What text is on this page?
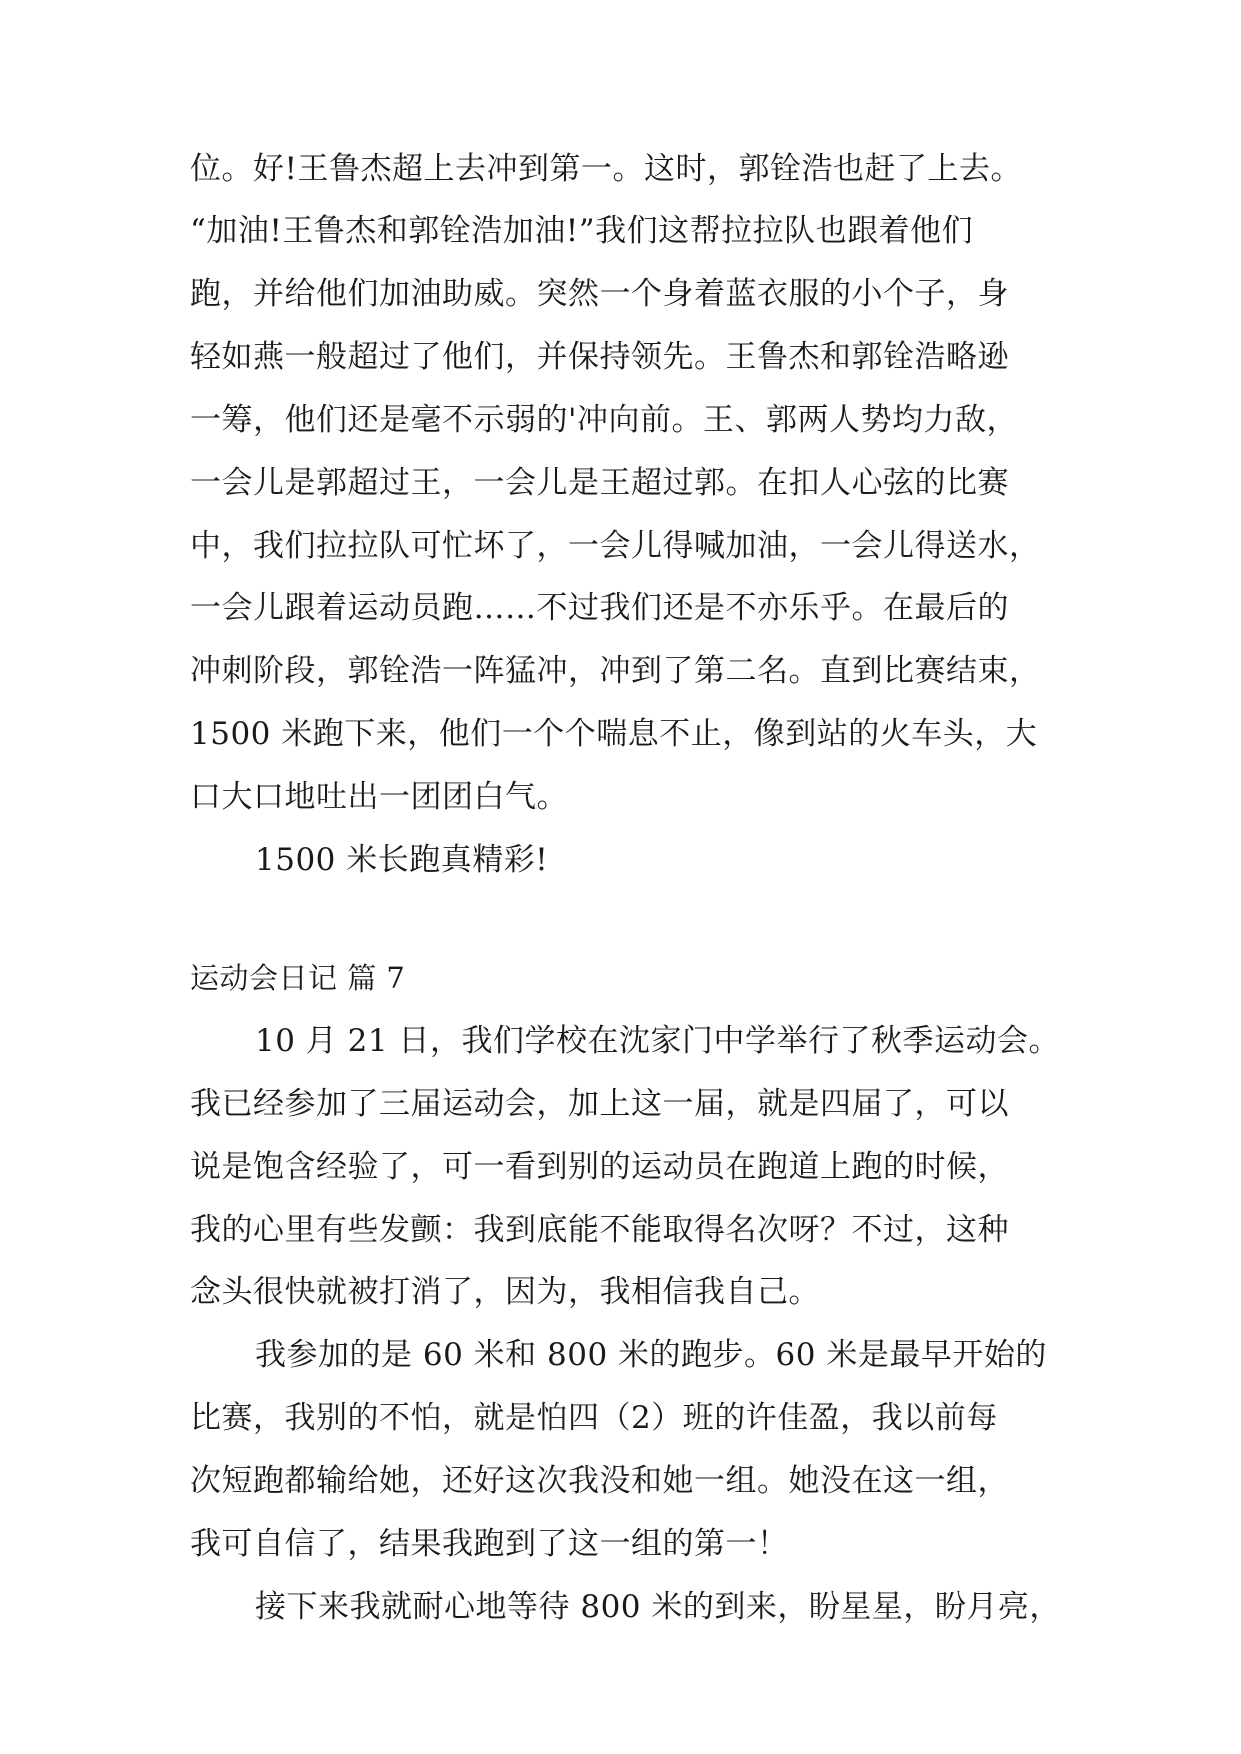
位。好!王鲁杰超上去冲到第一。这时，郭铨浩也赶了上去。
“加油!王鲁杰和郭铨浩加油!”我们这帮拉拉队也跟着他们
跑，并给他们加油助威。突然一个身着蓝衣服的小个子，身
轻如燕一般超过了他们，并保持领先。王鲁杰和郭铨浩略逊
一筹，他们还是毫不示弱的'冲向前。王、郭两人势均力敌，
一会儿是郭超过王，一会儿是王超过郭。在扣人心弦的比赛
中，我们拉拉队可忙坏了，一会儿得喊加油，一会儿得送水，
一会儿跟着运动员跑……不过我们还是不亦乐乎。在最后的
冲刺阶段，郭铨浩一阵猛冲，冲到了第二名。直到比赛结束，
1500 米跑下来，他们一个个喘息不止，像到站的火车头，大
口大口地吐出一团团白气。
1500 米长跑真精彩!
运动会日记 篇 7
10 月 21 日，我们学校在沈家门中学举行了秋季运动会。
我已经参加了三届运动会，加上这一届，就是四届了，可以
说是饱含经验了，可一看到别的运动员在跑道上跑的时候，
我的心里有些发颤：我到底能不能取得名次呀？不过，这种
念头很快就被打消了，因为，我相信我自己。
我参加的是 60 米和 800 米的跑步。60 米是最早开始的
比赛，我别的不怕，就是怕四（2）班的许佳盈，我以前每
次短跑都输给她，还好这次我没和她一组。她没在这一组，
我可自信了，结果我跑到了这一组的第一！
接下来我就耐心地等待 800 米的到来，盼星星，盼月亮，
